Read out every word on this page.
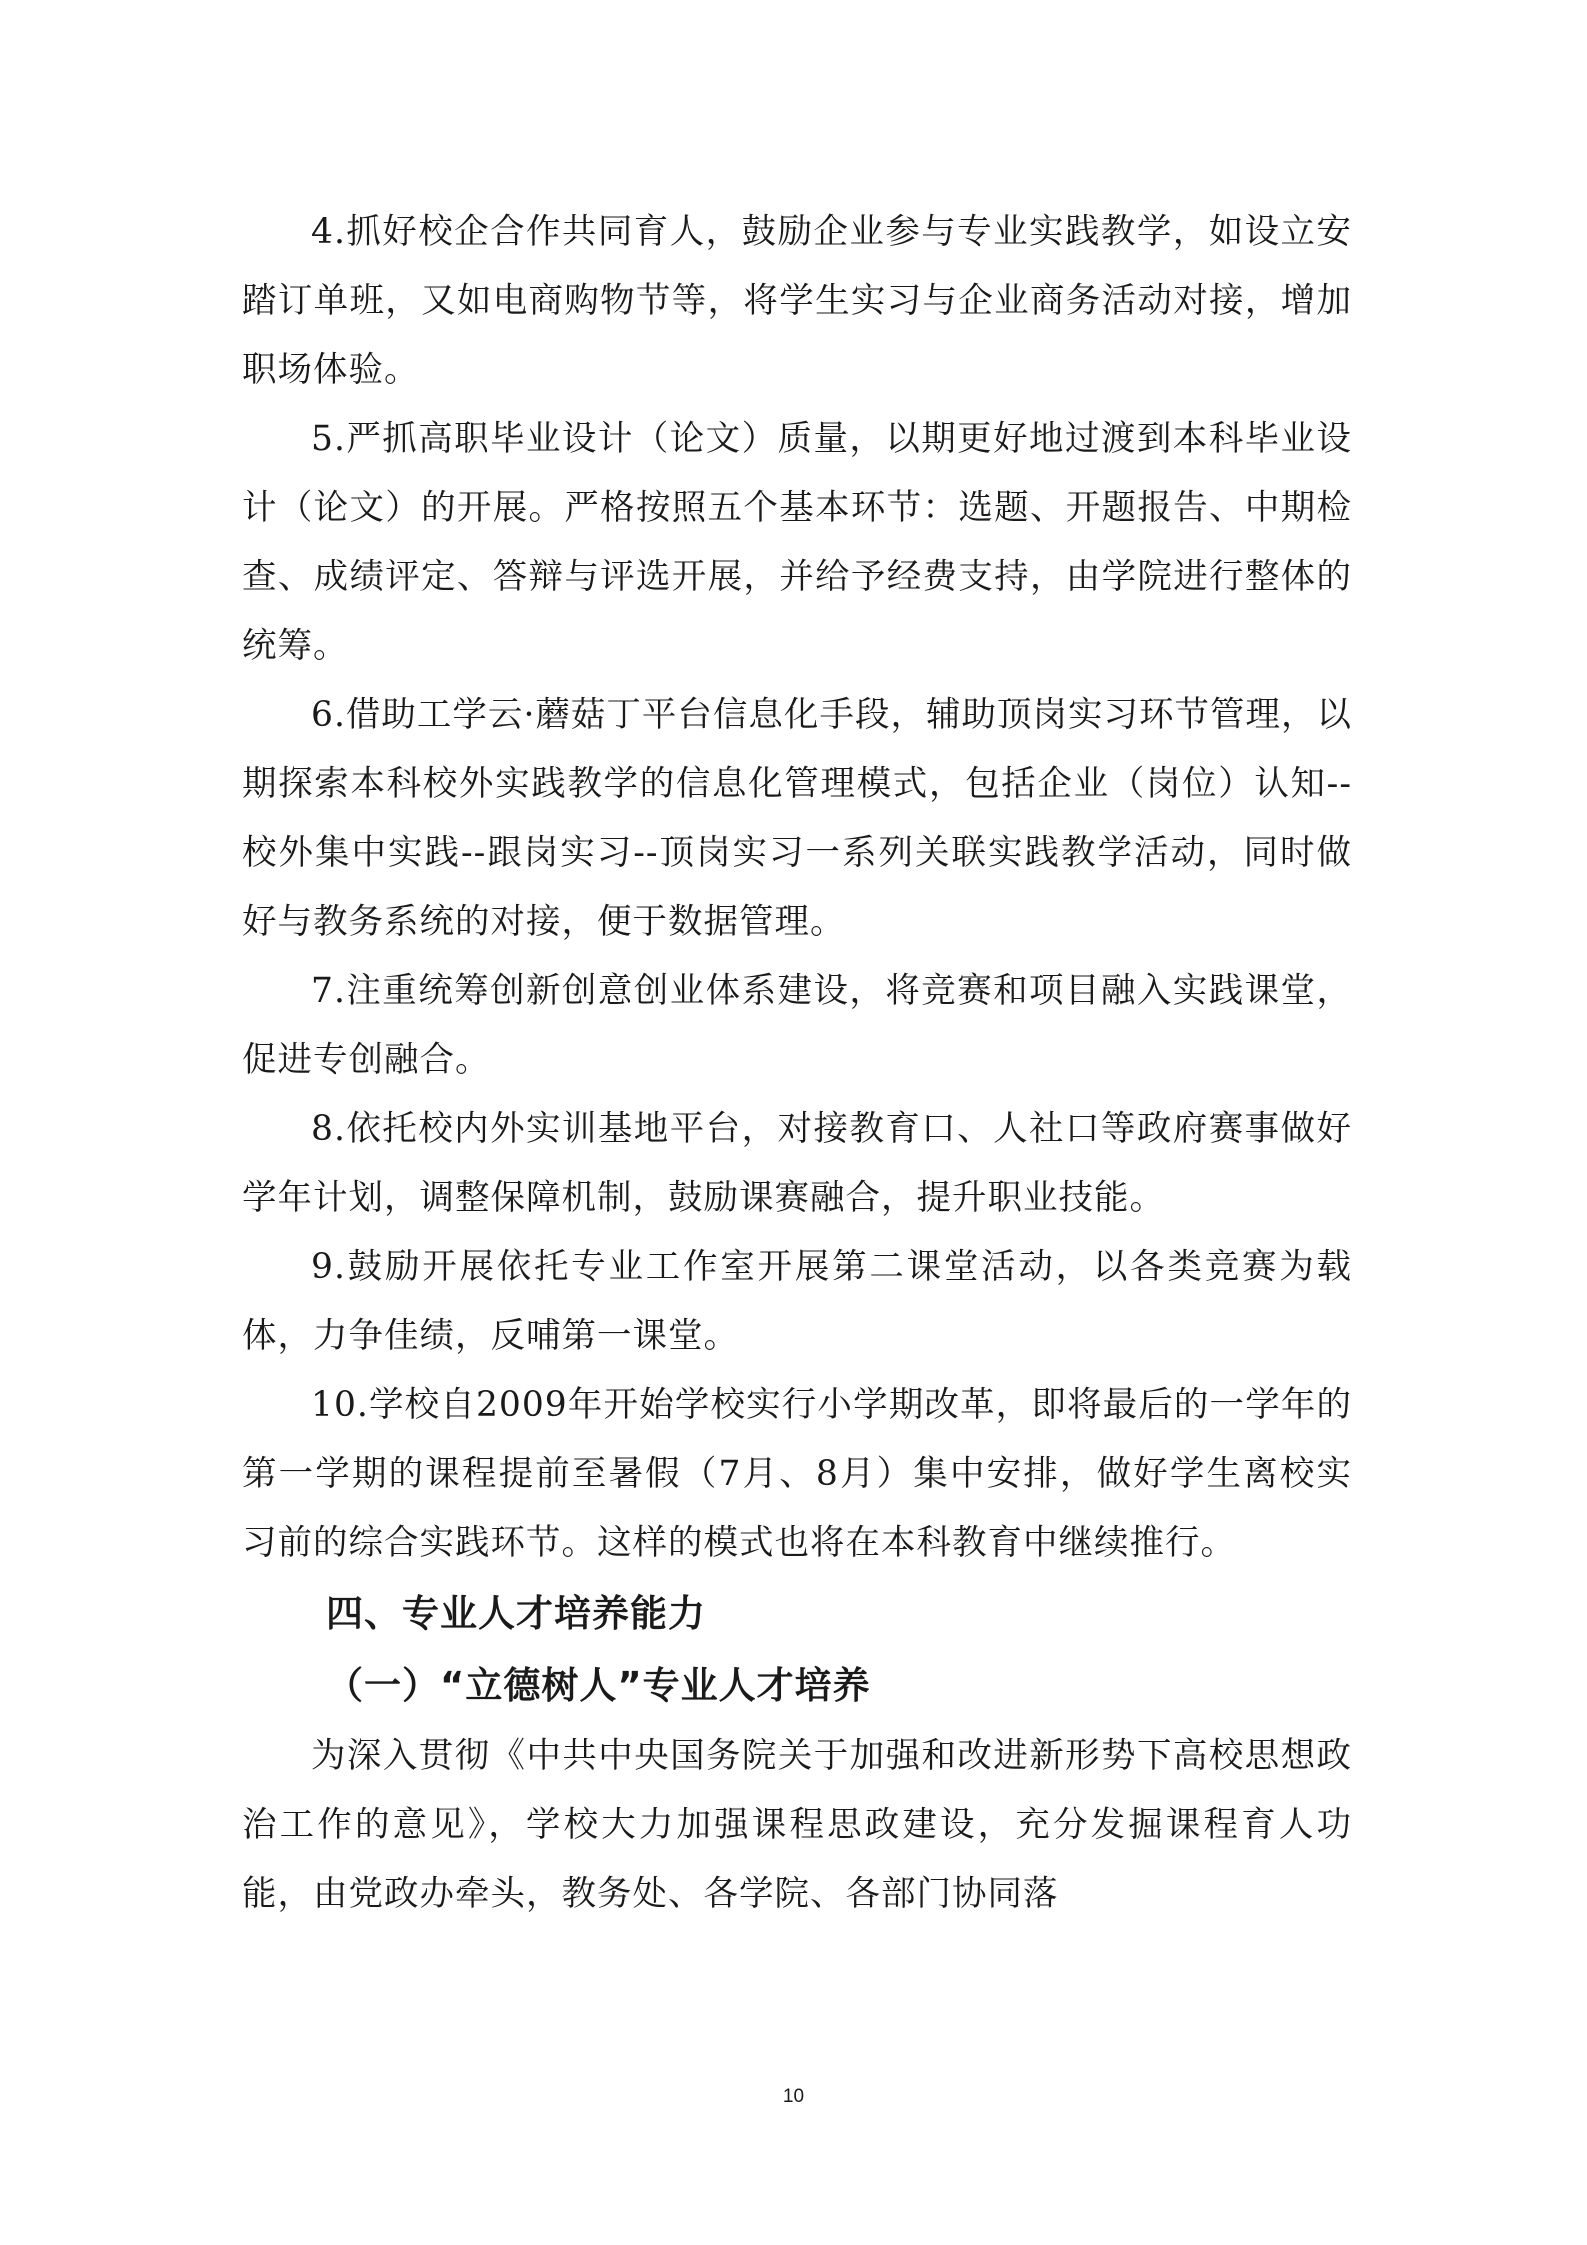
4.抓好校企合作共同育人，鼓励企业参与专业实践教学，如设立安踏订单班，又如电商购物节等，将学生实习与企业商务活动对接，增加职场体验。

5.严抓高职毕业设计（论文）质量，以期更好地过渡到本科毕业设计（论文）的开展。严格按照五个基本环节：选题、开题报告、中期检查、成绩评定、答辩与评选开展，并给予经费支持，由学院进行整体的统筹。

6.借助工学云·蘑菇丁平台信息化手段，辅助顶岗实习环节管理，以期探索本科校外实践教学的信息化管理模式，包括企业（岗位）认知--校外集中实践--跟岗实习--顶岗实习一系列关联实践教学活动，同时做好与教务系统的对接，便于数据管理。

7.注重统筹创新创意创业体系建设，将竞赛和项目融入实践课堂，促进专创融合。

8.依托校内外实训基地平台，对接教育口、人社口等政府赛事做好学年计划，调整保障机制，鼓励课赛融合，提升职业技能。

9.鼓励开展依托专业工作室开展第二课堂活动，以各类竞赛为载体，力争佳绩，反哺第一课堂。

10.学校自2009年开始学校实行小学期改革，即将最后的一学年的第一学期的课程提前至暑假（7月、8月）集中安排，做好学生离校实习前的综合实践环节。这样的模式也将在本科教育中继续推行。

四、专业人才培养能力
（一）“立德树人”专业人才培养

为深入贯彻《中共中央国务院关于加强和改进新形势下高校思想政治工作的意见》，学校大力加强课程思政建设，充分发掘课程育人功能，由党政办牵头，教务处、各学院、各部门协同落

10
